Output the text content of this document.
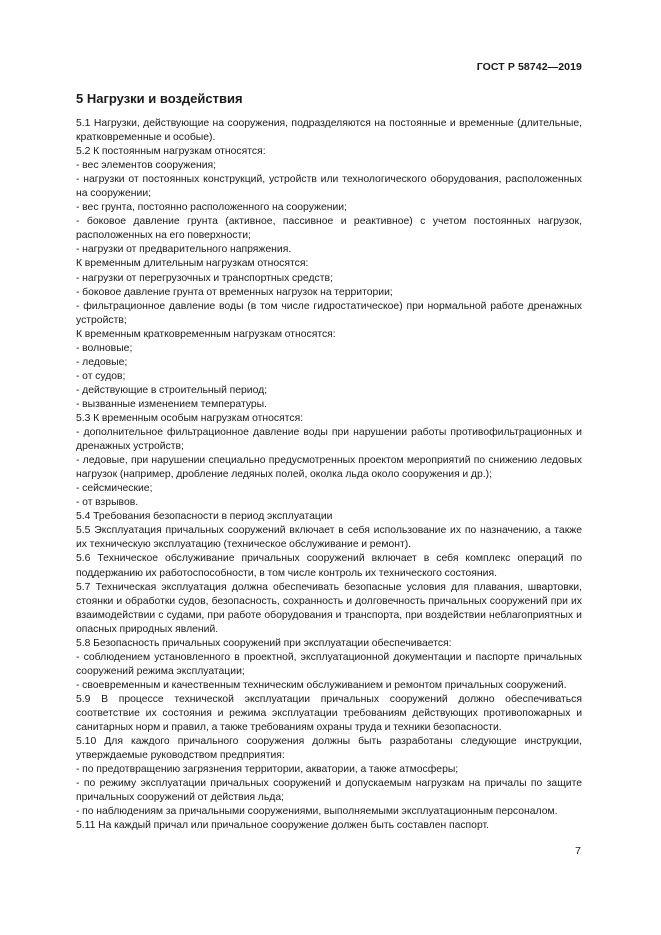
ГОСТ Р 58742—2019
5 Нагрузки и воздействия

5.1 Нагрузки, действующие на сооружения, подразделяются на постоянные и временные (длительные, кратковременные и особые).

5.2 К постоянным нагрузкам относятся:

- вес элементов сооружения;

- нагрузки от постоянных конструкций, устройств или технологического оборудования, расположенных на сооружении;

- вес грунта, постоянно расположенного на сооружении;

- боковое давление грунта (активное, пассивное и реактивное) с учетом постоянных нагрузок, расположенных на его поверхности;

- нагрузки от предварительного напряжения.

К временным длительным нагрузкам относятся:

- нагрузки от перегрузочных и транспортных средств;

- боковое давление грунта от временных нагрузок на территории;

- фильтрационное давление воды (в том числе гидростатическое) при нормальной работе дренажных устройств;

К временным кратковременным нагрузкам относятся:

- волновые;

- ледовые;

- от судов;

- действующие в строительный период;

- вызванные изменением температуры.

5.3 К временным особым нагрузкам относятся:

- дополнительное фильтрационное давление воды при нарушении работы противофильтрационных и дренажных устройств;

- ледовые, при нарушении специально предусмотренных проектом мероприятий по снижению ледовых нагрузок (например, дробление ледяных полей, околка льда около сооружения и др.);

- сейсмические;

- от взрывов.

5.4 Требования безопасности в период эксплуатации

5.5 Эксплуатация причальных сооружений включает в себя использование их по назначению, а также их техническую эксплуатацию (техническое обслуживание и ремонт).

5.6 Техническое обслуживание причальных сооружений включает в себя комплекс операций по поддержанию их работоспособности, в том числе контроль их технического состояния.

5.7 Техническая эксплуатация должна обеспечивать безопасные условия для плавания, швартовки, стоянки и обработки судов, безопасность, сохранность и долговечность причальных сооружений при их взаимодействии с судами, при работе оборудования и транспорта, при воздействии неблагоприятных и опасных природных явлений.

5.8 Безопасность причальных сооружений при эксплуатации обеспечивается:

- соблюдением установленного в проектной, эксплуатационной документации и паспорте причальных сооружений режима эксплуатации;

- своевременным и качественным техническим обслуживанием и ремонтом причальных сооружений.

5.9 В процессе технической эксплуатации причальных сооружений должно обеспечиваться соответствие их состояния и режима эксплуатации требованиям действующих противопожарных и санитарных норм и правил, а также требованиям охраны труда и техники безопасности.

5.10 Для каждого причального сооружения должны быть разработаны следующие инструкции, утверждаемые руководством предприятия:

- по предотвращению загрязнения территории, акватории, а также атмосферы;

- по режиму эксплуатации причальных сооружений и допускаемым нагрузкам на причалы по защите причальных сооружений от действия льда;

- по наблюдениям за причальными сооружениями, выполняемыми эксплуатационным персоналом.

5.11 На каждый причал или причальное сооружение должен быть составлен паспорт.

7
